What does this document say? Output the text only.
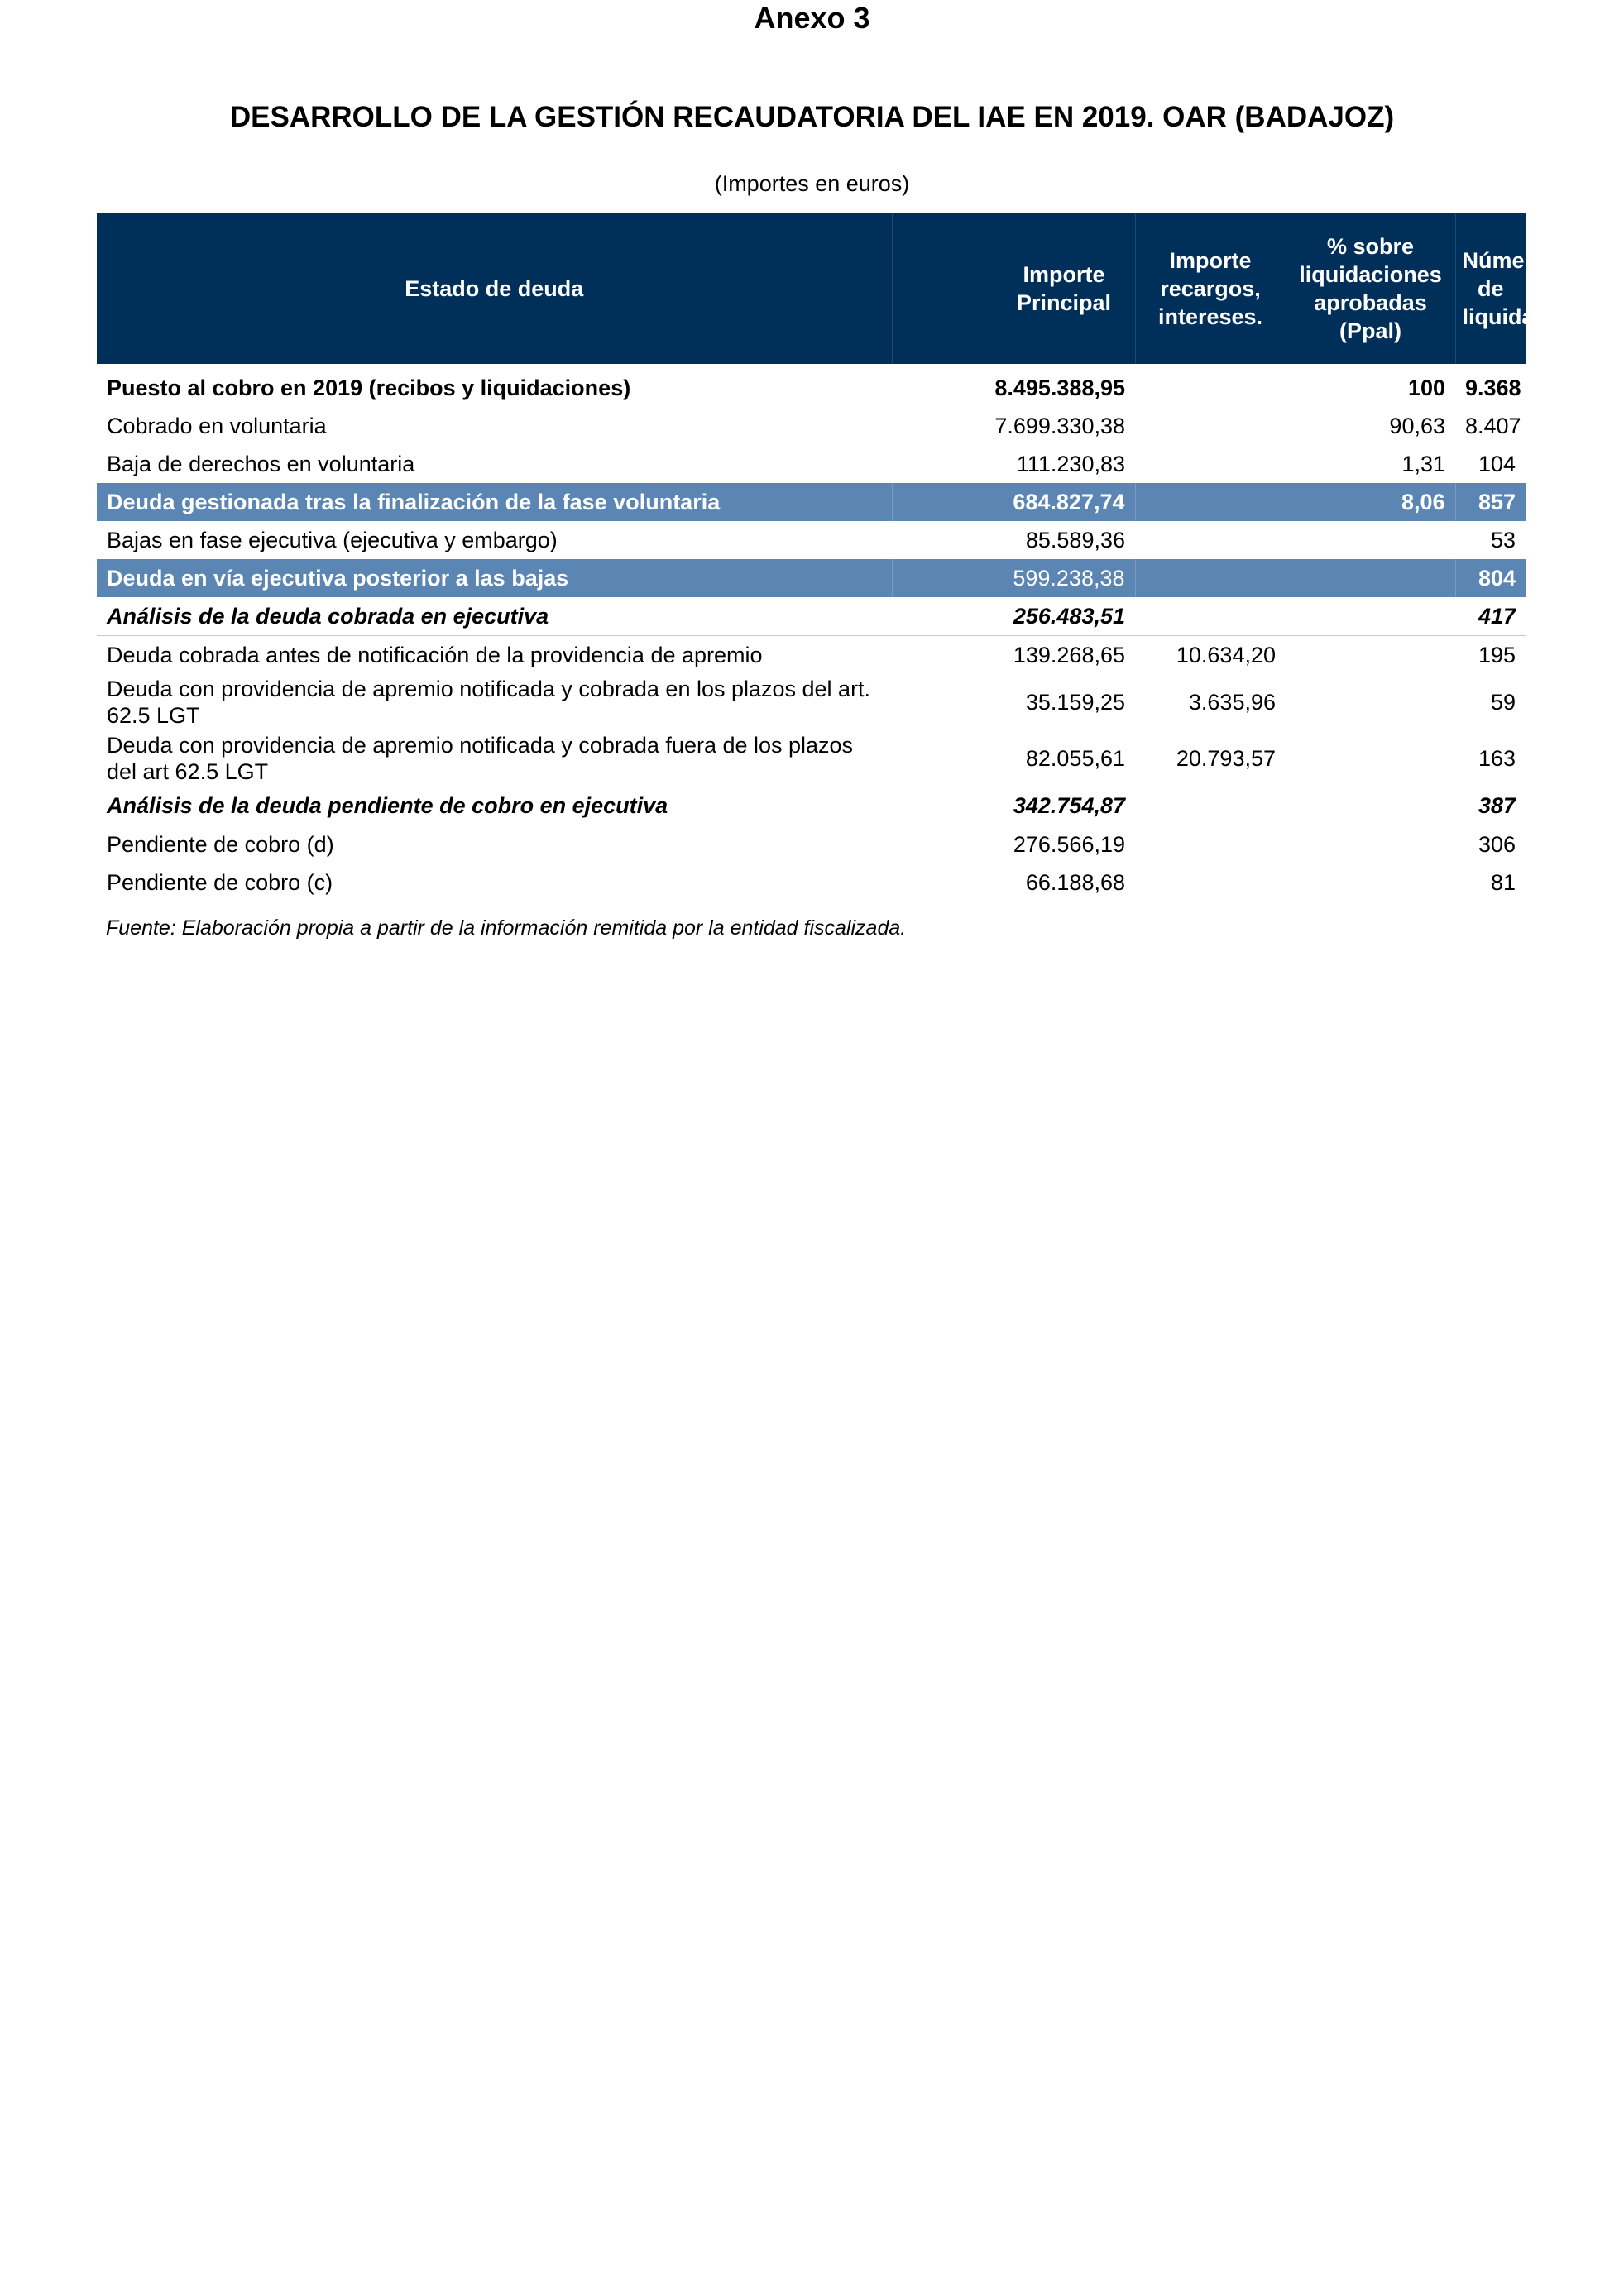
Anexo 3
DESARROLLO DE LA GESTIÓN RECAUDATORIA DEL IAE EN 2019. OAR (BADAJOZ)
(Importes en euros)
Estado de deuda	Importe Principal	Importe recargos, intereses.	% sobre liquidaciones aprobadas (Ppal)	Número de liquidaciones
Puesto al cobro en 2019 (recibos y liquidaciones)	8.495.388,95		100	9.368
Cobrado en voluntaria	7.699.330,38		90,63	8.407
Baja de derechos en voluntaria	111.230,83		1,31	104
Deuda gestionada tras la finalización de la fase voluntaria	684.827,74		8,06	857
Bajas en fase ejecutiva (ejecutiva y embargo)	85.589,36			53
Deuda en vía ejecutiva posterior a las bajas	599.238,38			804
Análisis de la deuda cobrada en ejecutiva	256.483,51			417
Deuda cobrada antes de notificación de la providencia de apremio	139.268,65	10.634,20		195
Deuda con providencia de apremio notificada y cobrada en los plazos del art. 62.5 LGT	35.159,25	3.635,96		59
Deuda con providencia de apremio notificada y cobrada fuera de los plazos del art 62.5 LGT	82.055,61	20.793,57		163
Análisis de la deuda pendiente de cobro en ejecutiva	342.754,87			387
Pendiente de cobro (d)	276.566,19			306
Pendiente de cobro (c)	66.188,68			81
Fuente: Elaboración propia a partir de la información remitida por la entidad fiscalizada.
